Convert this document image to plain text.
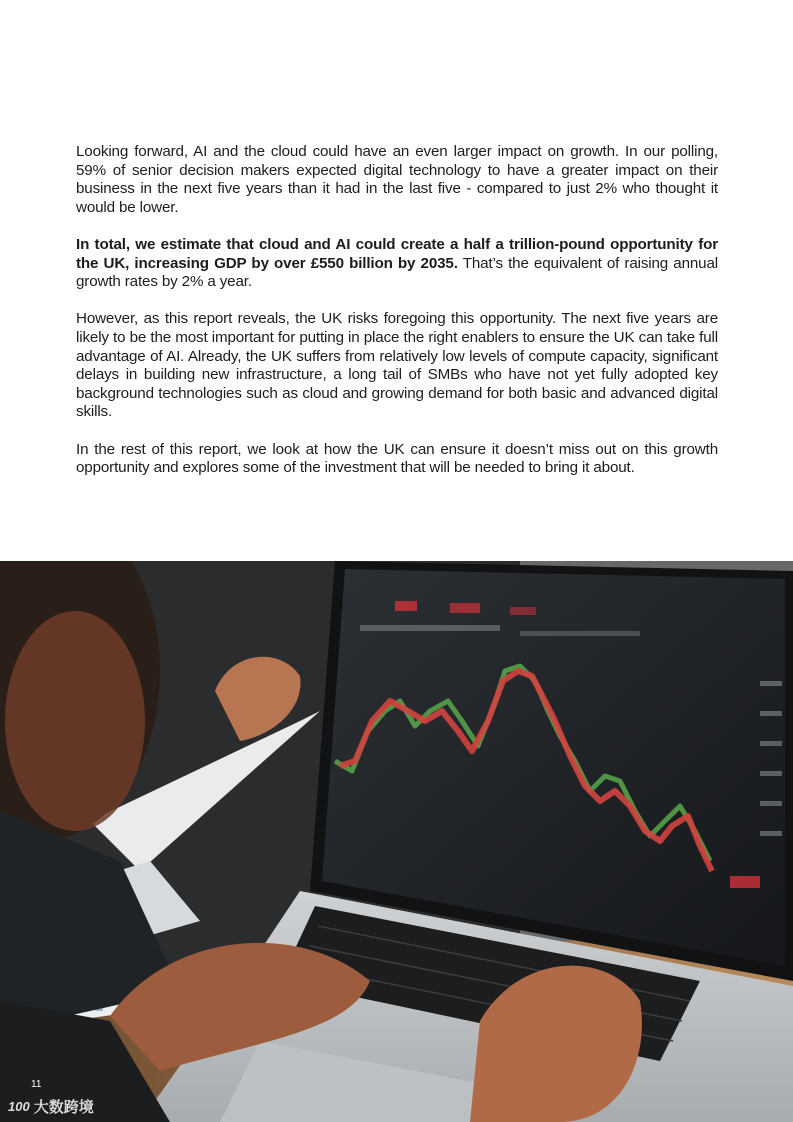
Looking forward, AI and the cloud could have an even larger impact on growth. In our polling, 59% of senior decision makers expected digital technology to have a greater impact on their business in the next five years than it had in the last five - compared to just 2% who thought it would be lower.

In total, we estimate that cloud and AI could create a half a trillion-pound opportunity for the UK, increasing GDP by over £550 billion by 2035. That’s the equivalent of raising annual growth rates by 2% a year.

However, as this report reveals, the UK risks foregoing this opportunity. The next five years are likely to be the most important for putting in place the right enablers to ensure the UK can take full advantage of AI. Already, the UK suffers from relatively low levels of compute capacity, significant delays in building new infrastructure, a long tail of SMBs who have not yet fully adopted key background technologies such as cloud and growing demand for both basic and advanced digital skills.

In the rest of this report, we look at how the UK can ensure it doesn’t miss out on this growth opportunity and explores some of the investment that will be needed to bring it about.

11
100 大数跨境
